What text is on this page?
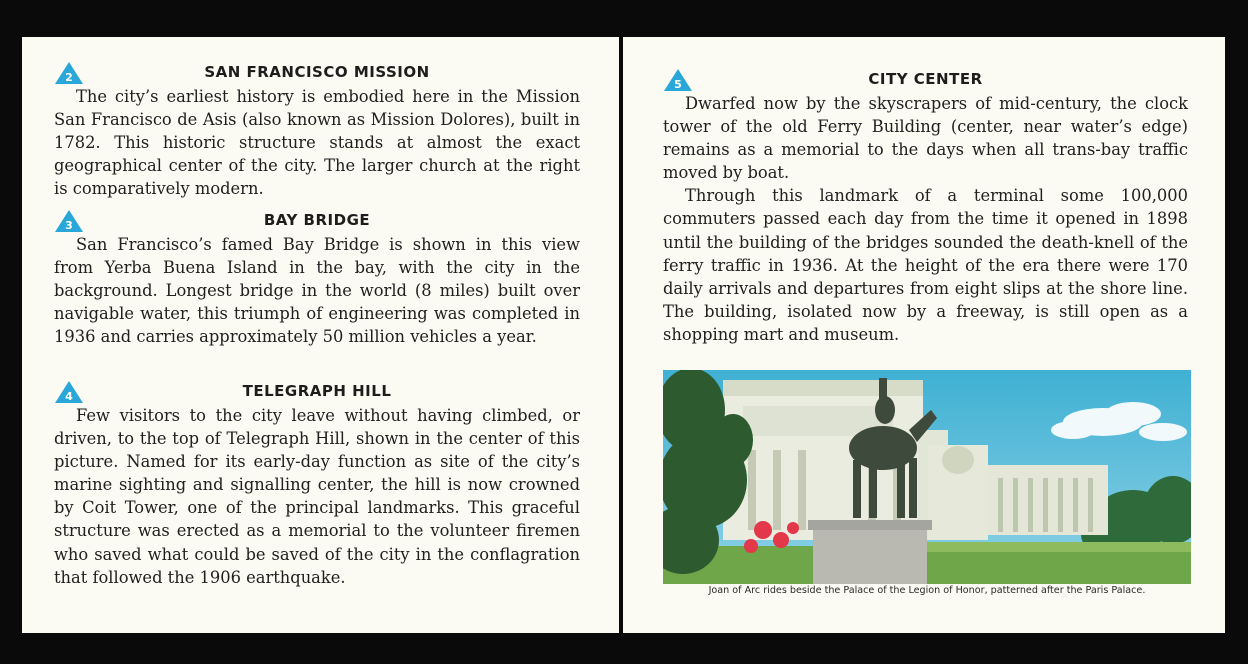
2	SAN FRANCISCO MISSION

The city’s earliest history is embodied here in the Mission San Francisco de Asis (also known as Mission Dolores), built in 1782. This historic structure stands at almost the exact geographical center of the city. The larger church at the right is comparatively modern.

3	BAY BRIDGE

San Francisco’s famed Bay Bridge is shown in this view from Yerba Buena Island in the bay, with the city in the background. Longest bridge in the world (8 miles) built over navigable water, this triumph of engineering was completed in 1936 and carries approximately 50 million vehicles a year.

4	TELEGRAPH HILL

Few visitors to the city leave without having climbed, or driven, to the top of Telegraph Hill, shown in the center of this picture. Named for its early-day function as site of the city’s marine sighting and signalling center, the hill is now crowned by Coit Tower, one of the principal landmarks. This graceful structure was erected as a memorial to the volunteer firemen who saved what could be saved of the city in the conflagration that followed the 1906 earthquake.

5	CITY CENTER

Dwarfed now by the skyscrapers of mid-century, the clock tower of the old Ferry Building (center, near water’s edge) remains as a memorial to the days when all trans-bay traffic moved by boat.

Through this landmark of a terminal some 100,000 commuters passed each day from the time it opened in 1898 until the building of the bridges sounded the death-knell of the ferry traffic in 1936. At the height of the era there were 170 daily arrivals and departures from eight slips at the shore line. The building, isolated now by a freeway, is still open as a shopping mart and museum.

Joan of Arc rides beside the Palace of the Legion of Honor, patterned after the Paris Palace.
